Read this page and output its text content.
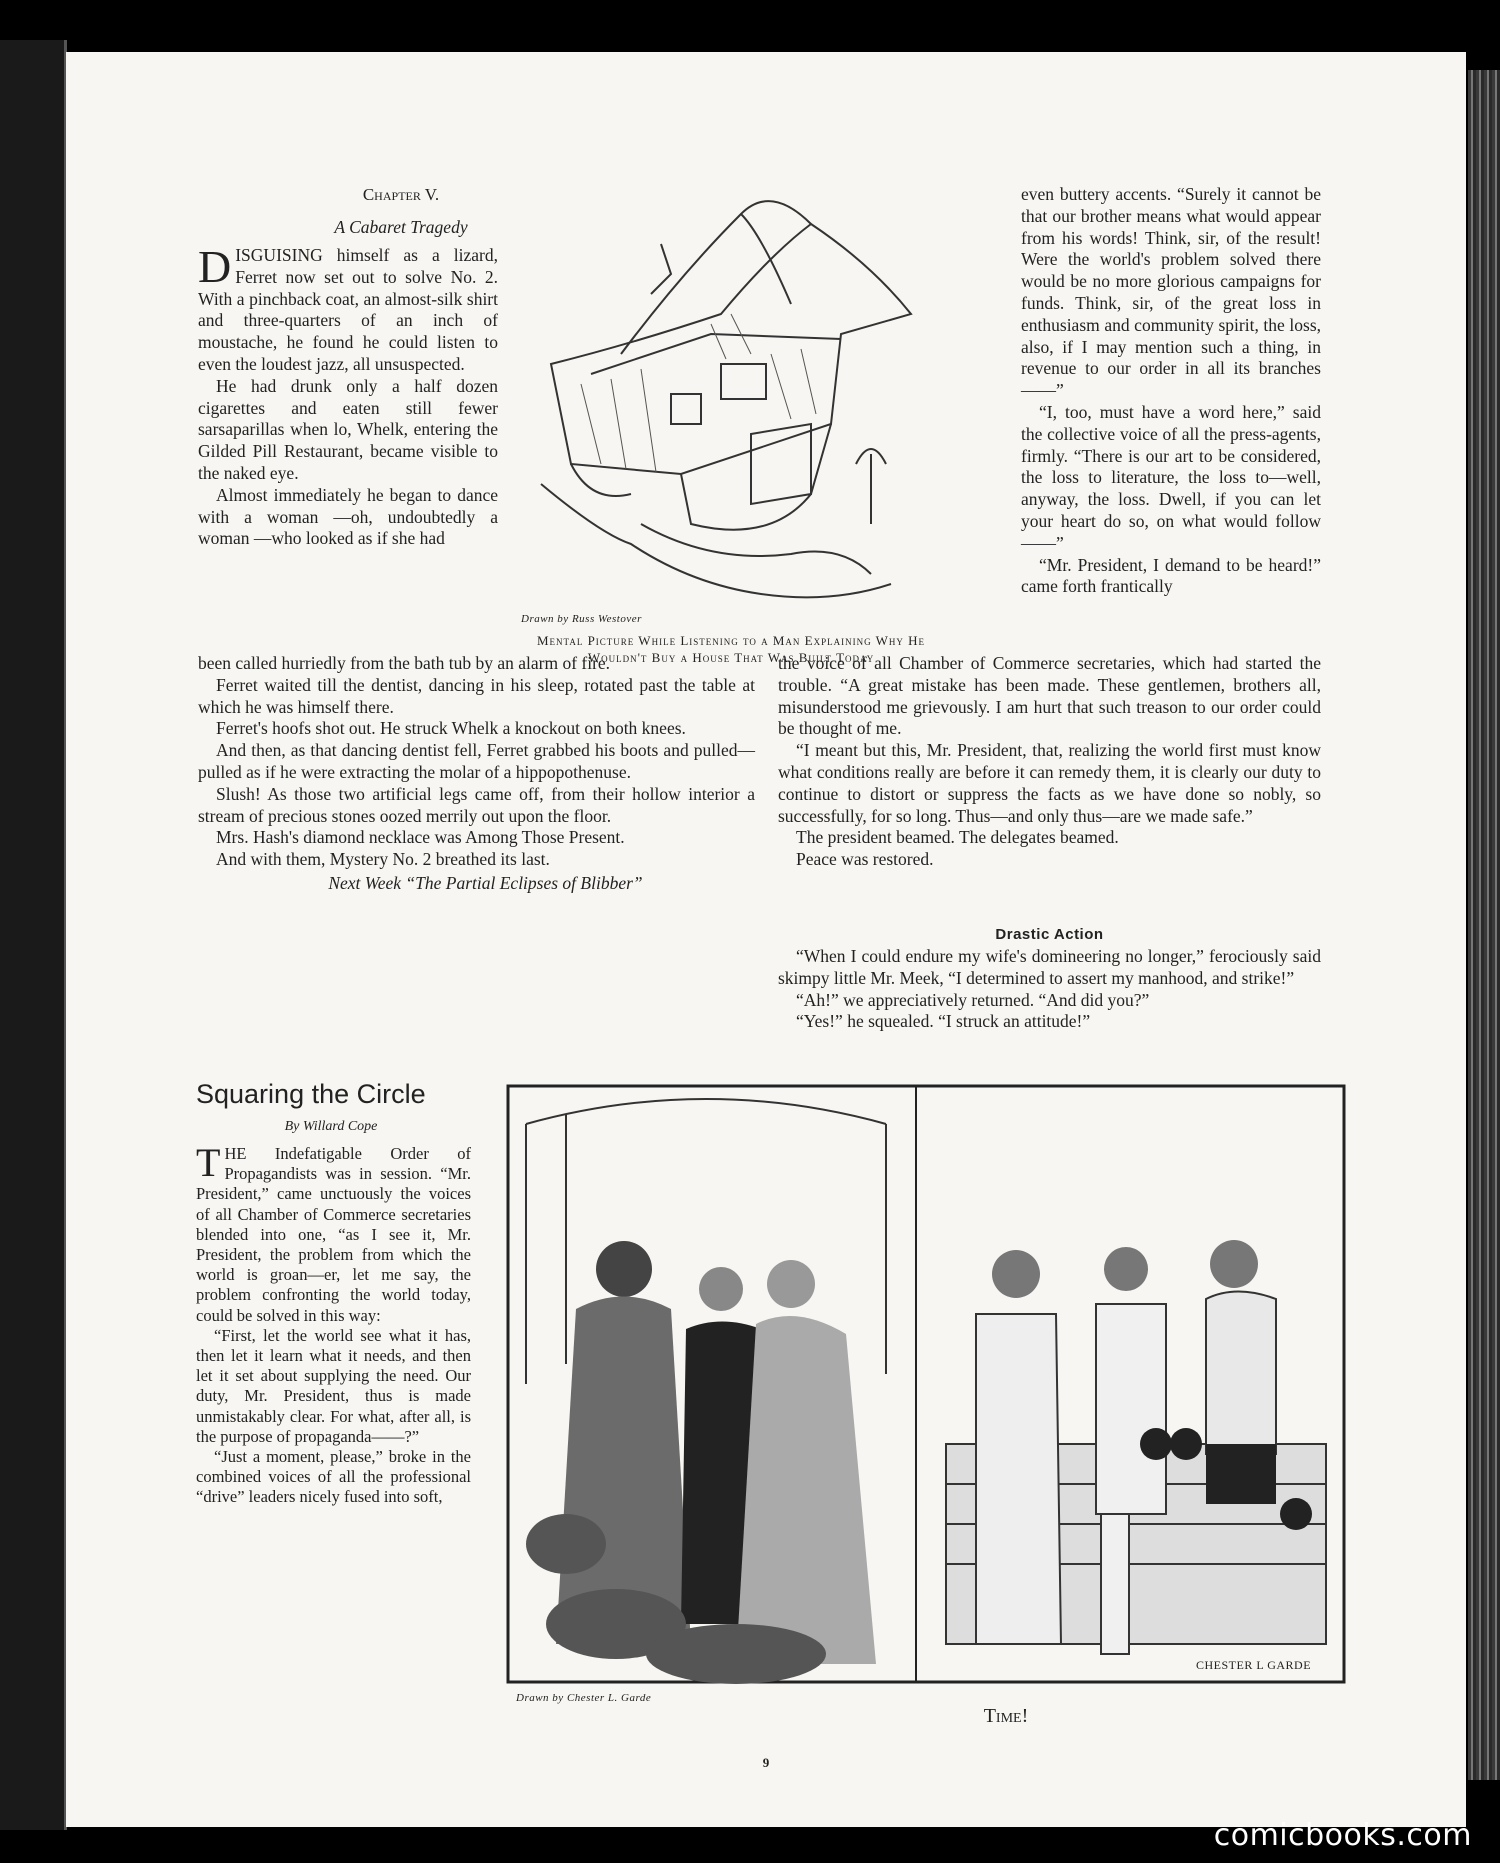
Chapter V.
A Cabaret Tragedy

DISGUISING himself as a lizard, Ferret now set out to solve No. 2. With a pinchback coat, an almost-silk shirt and three-quarters of an inch of moustache, he found he could listen to even the loudest jazz, all unsuspected.

He had drunk only a half dozen cigarettes and eaten still fewer sarsaparillas when lo, Whelk, entering the Gilded Pill Restaurant, became visible to the naked eye.

Almost immediately he began to dance with a woman —oh, undoubtedly a woman —who looked as if she had

been called hurriedly from the bath tub by an alarm of fire.

Ferret waited till the dentist, dancing in his sleep, rotated past the table at which he was himself there.

Ferret's hoofs shot out. He struck Whelk a knockout on both knees.

And then, as that dancing dentist fell, Ferret grabbed his boots and pulled—pulled as if he were extracting the molar of a hippopothenuse.

Slush! As those two artificial legs came off, from their hollow interior a stream of precious stones oozed merrily out upon the floor.

Mrs. Hash's diamond necklace was Among Those Present.

And with them, Mystery No. 2 breathed its last.

Next Week “The Partial Eclipses of Blibber”

Drawn by Russ Westover
Mental Picture While Listening to a Man Explaining Why He Wouldn't Buy a House That Was Built Today

even buttery accents. “Surely it cannot be that our brother means what would appear from his words! Think, sir, of the result! Were the world's problem solved there would be no more glorious campaigns for funds. Think, sir, of the great loss in enthusiasm and community spirit, the loss, also, if I may mention such a thing, in revenue to our order in all its branches——”

“I, too, must have a word here,” said the collective voice of all the press-agents, firmly. “There is our art to be considered, the loss to literature, the loss to—well, anyway, the loss. Dwell, if you can let your heart do so, on what would follow——”

“Mr. President, I demand to be heard!” came forth frantically

the voice of all Chamber of Commerce secretaries, which had started the trouble. “A great mistake has been made. These gentlemen, brothers all, misunderstood me grievously. I am hurt that such treason to our order could be thought of me.

“I meant but this, Mr. President, that, realizing the world first must know what conditions really are before it can remedy them, it is clearly our duty to continue to distort or suppress the facts as we have done so nobly, so successfully, for so long. Thus—and only thus—are we made safe.”

The president beamed. The delegates beamed.

Peace was restored.

Drastic Action

“When I could endure my wife's domineering no longer,” ferociously said skimpy little Mr. Meek, “I determined to assert my manhood, and strike!”

“Ah!” we appreciatively returned. “And did you?”

“Yes!” he squealed. “I struck an attitude!”

Squaring the Circle
By Willard Cope

THE Indefatigable Order of Propagandists was in session. “Mr. President,” came unctuously the voices of all Chamber of Commerce secretaries blended into one, “as I see it, Mr. President, the problem from which the world is groan—er, let me say, the problem confronting the world today, could be solved in this way:

“First, let the world see what it has, then let it learn what it needs, and then let it set about supplying the need. Our duty, Mr. President, thus is made unmistakably clear. For what, after all, is the purpose of propaganda——?”

“Just a moment, please,” broke in the combined voices of all the professional “drive” leaders nicely fused into soft,

Drawn by Chester L. Garde
CHESTER L GARDE
Time!
9
comicbooks.com
